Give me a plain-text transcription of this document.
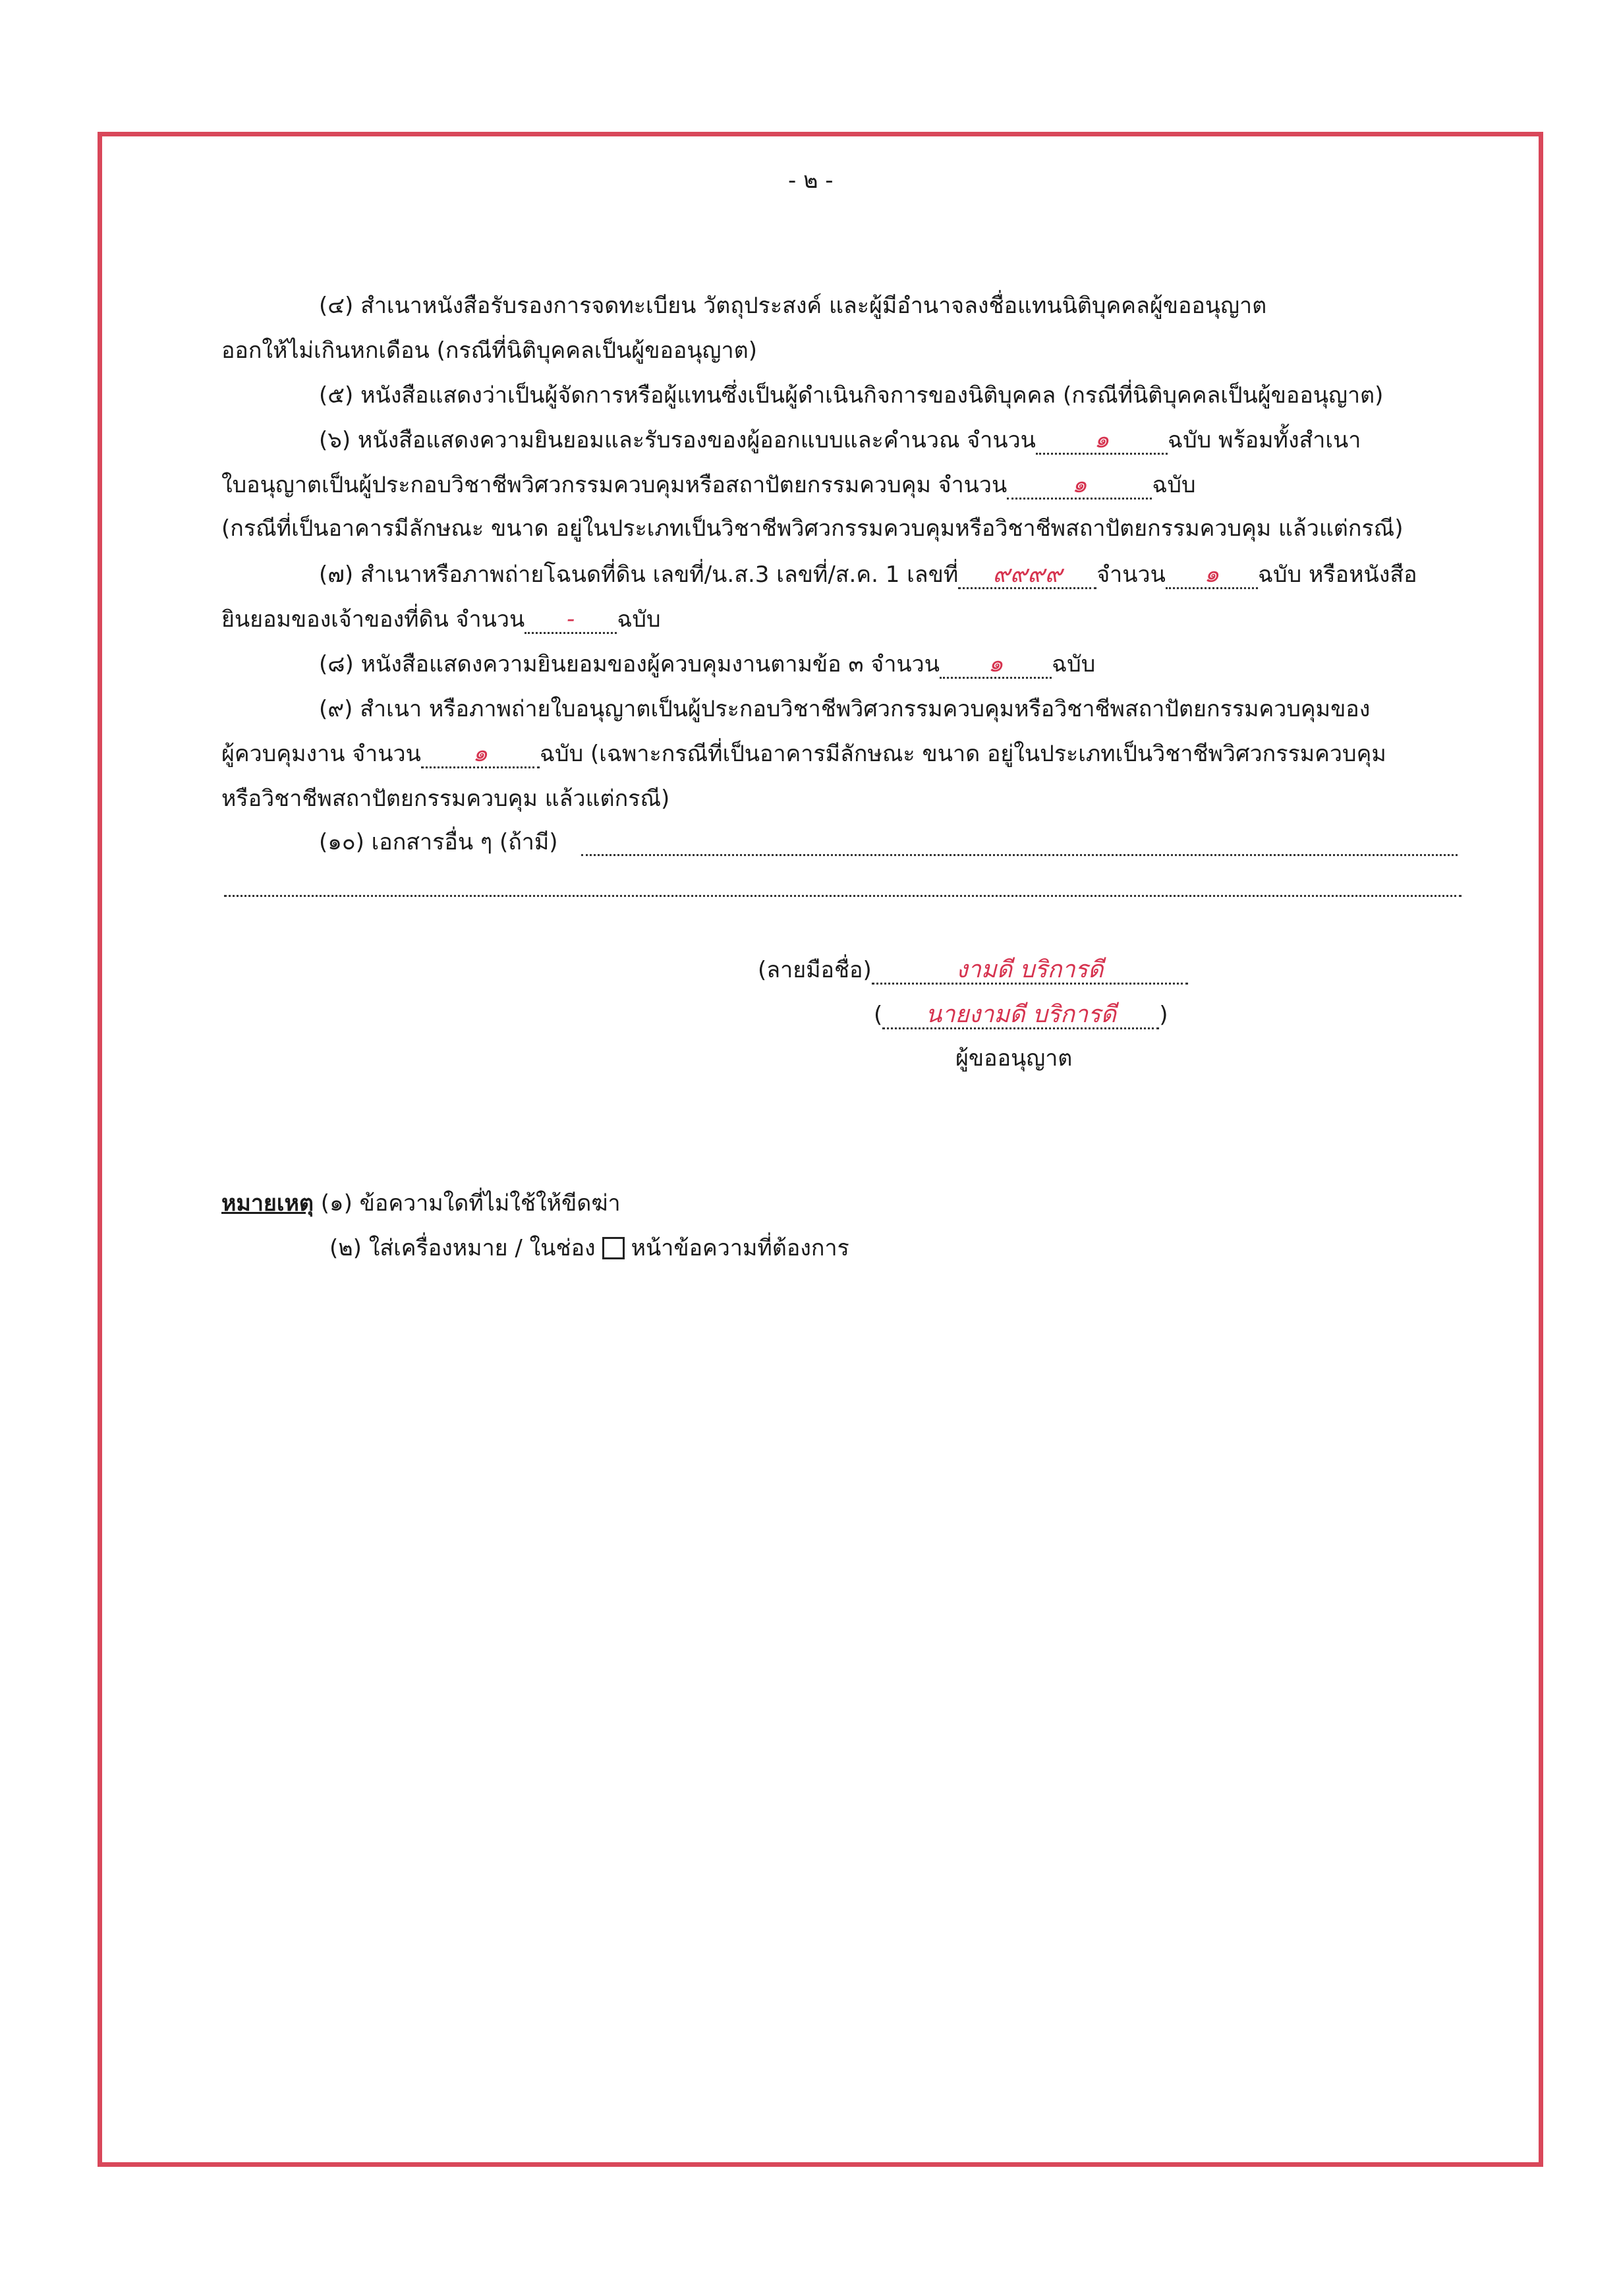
- ๒ -
(๔) สำเนาหนังสือรับรองการจดทะเบียน วัตถุประสงค์ และผู้มีอำนาจลงชื่อแทนนิติบุคคลผู้ขออนุญาต
ออกให้ไม่เกินหกเดือน (กรณีที่นิติบุคคลเป็นผู้ขออนุญาต)
(๕) หนังสือแสดงว่าเป็นผู้จัดการหรือผู้แทนซึ่งเป็นผู้ดำเนินกิจการของนิติบุคคล (กรณีที่นิติบุคคลเป็นผู้ขออนุญาต)
(๖) หนังสือแสดงความยินยอมและรับรองของผู้ออกแบบและคำนวณ จำนวน ๑	ฉบับ พร้อมทั้งสำเนา
ใบอนุญาตเป็นผู้ประกอบวิชาชีพวิศวกรรมควบคุมหรือสถาปัตยกรรมควบคุม จำนวน	๑	ฉบับ
(กรณีที่เป็นอาคารมีลักษณะ ขนาด อยู่ในประเภทเป็นวิชาชีพวิศวกรรมควบคุมหรือวิชาชีพสถาปัตยกรรมควบคุม แล้วแต่กรณี)
(๗) สำเนาหรือภาพถ่ายโฉนดที่ดิน เลขที่/น.ส.3 เลขที่/ส.ค. 1 เลขที่ ๙๙๙๙ จำนวน ๑ ฉบับ หรือหนังสือ
ยินยอมของเจ้าของที่ดิน จำนวน - ฉบับ
(๘) หนังสือแสดงความยินยอมของผู้ควบคุมงานตามข้อ ๓ จำนวน ๑ ฉบับ
(๙) สำเนา หรือภาพถ่ายใบอนุญาตเป็นผู้ประกอบวิชาชีพวิศวกรรมควบคุมหรือวิชาชีพสถาปัตยกรรมควบคุมของ
ผู้ควบคุมงาน จำนวน ๑ ฉบับ (เฉพาะกรณีที่เป็นอาคารมีลักษณะ ขนาด อยู่ในประเภทเป็นวิชาชีพวิศวกรรมควบคุม
หรือวิชาชีพสถาปัตยกรรมควบคุม แล้วแต่กรณี)
(๑๐) เอกสารอื่น ๆ (ถ้ามี)
(ลายมือชื่อ)	งามดี บริการดี
( นายงามดี บริการดี )
ผู้ขออนุญาต
หมายเหตุ (๑) ข้อความใดที่ไม่ใช้ให้ขีดฆ่า
(๒) ใส่เครื่องหมาย / ในช่อง หน้าข้อความที่ต้องการ
